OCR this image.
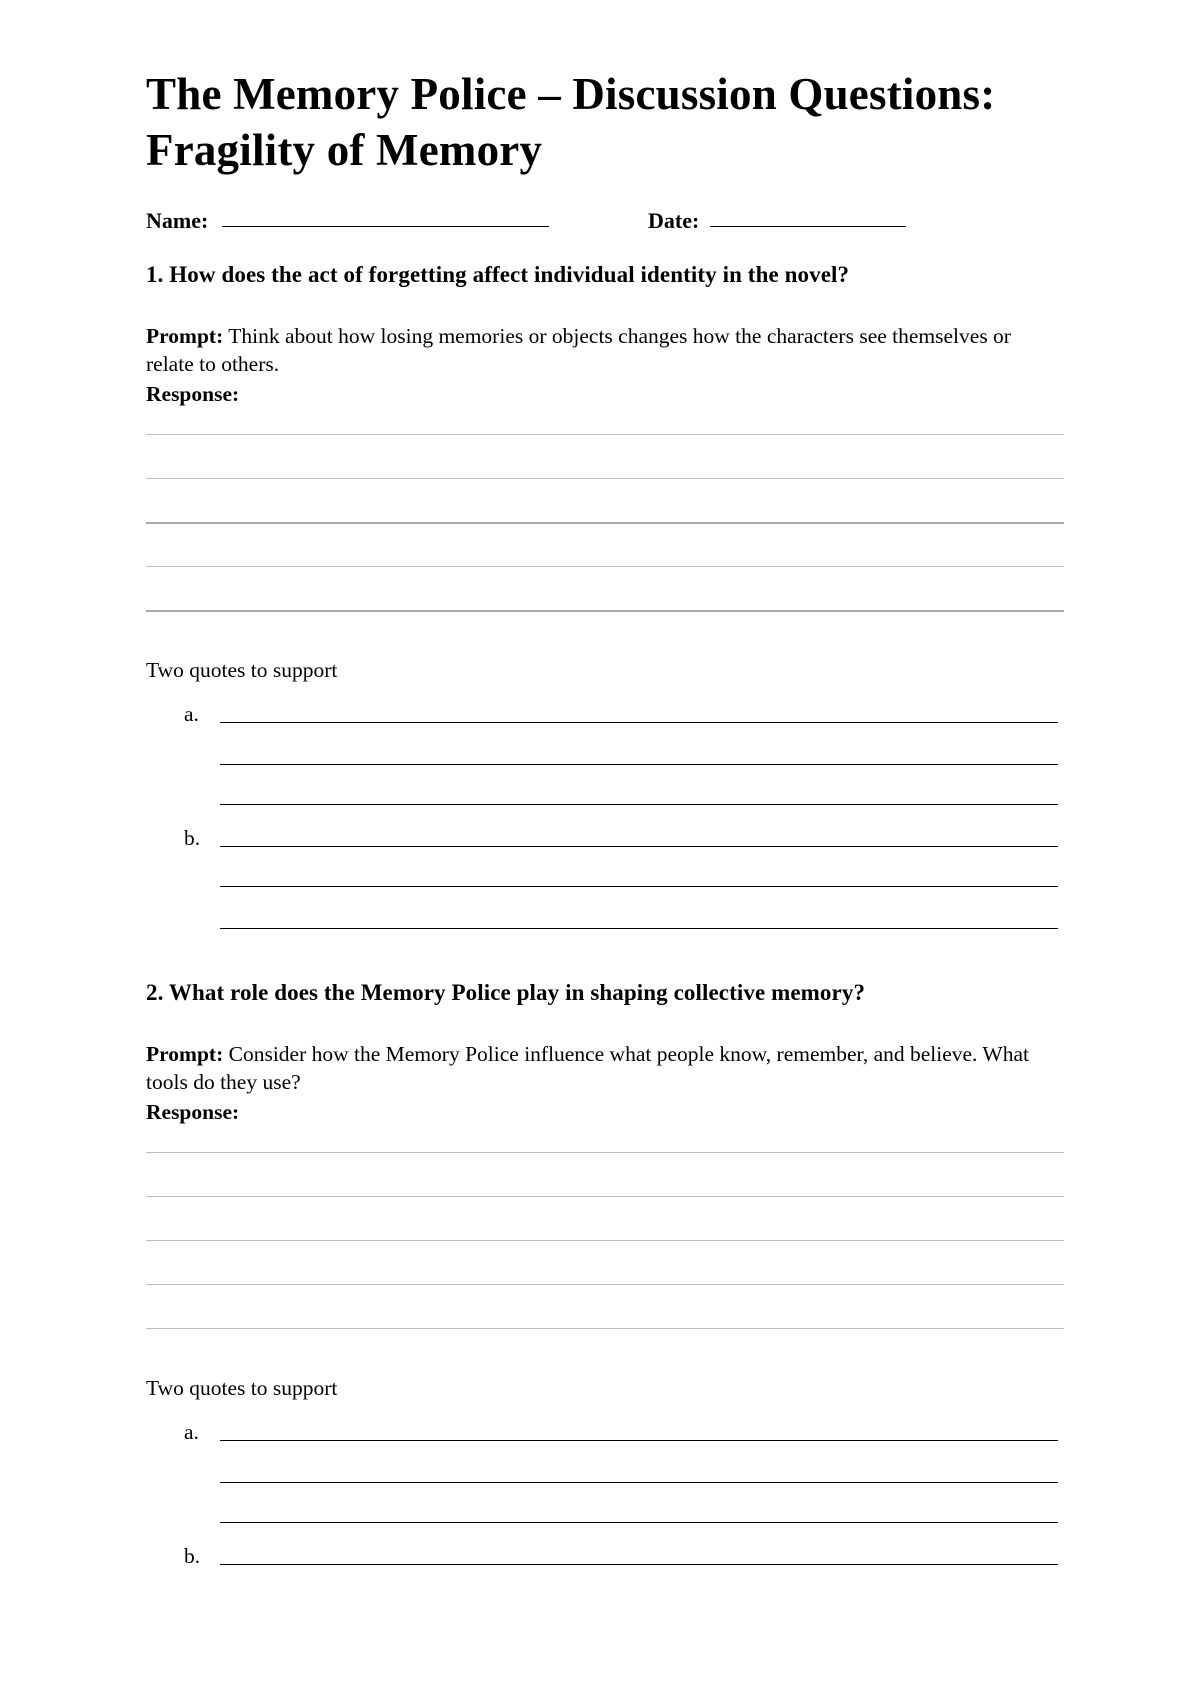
The Memory Police – Discussion Questions:
Fragility of Memory
Name:	Date:

1. How does the act of forgetting affect individual identity in the novel?

Prompt: Think about how losing memories or objects changes how the characters see themselves or relate to others.
Response:
Two quotes to support
a.
b.

2. What role does the Memory Police play in shaping collective memory?

Prompt: Consider how the Memory Police influence what people know, remember, and believe. What tools do they use?
Response:
Two quotes to support
a.
b.
